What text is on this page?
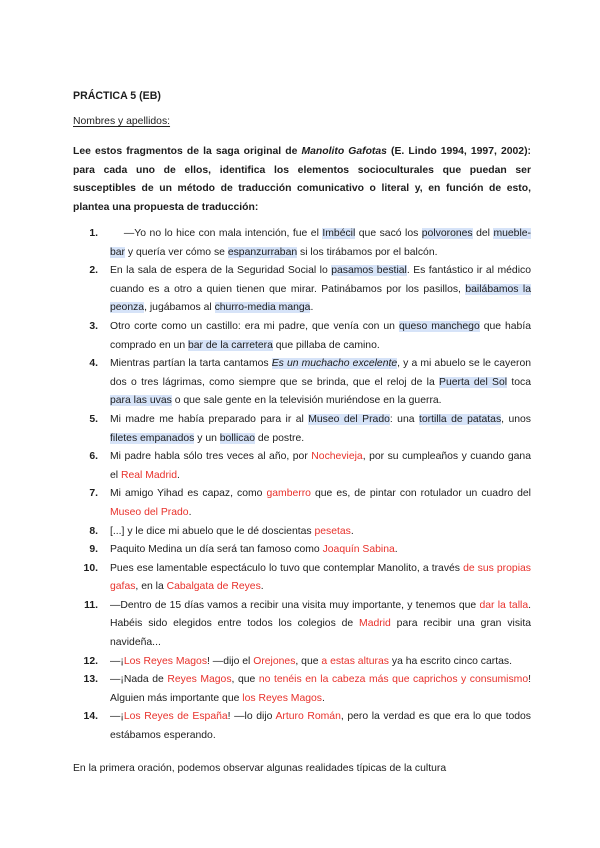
PRÁCTICA 5 (EB)
Nombres y apellidos:
Lee estos fragmentos de la saga original de Manolito Gafotas (E. Lindo 1994, 1997, 2002): para cada uno de ellos, identifica los elementos socioculturales que puedan ser susceptibles de un método de traducción comunicativo o literal y, en función de esto, plantea una propuesta de traducción:
1. —Yo no lo hice con mala intención, fue el Imbécil que sacó los polvorones del mueble-bar y quería ver cómo se espanzurraban si los tirábamos por el balcón.
2. En la sala de espera de la Seguridad Social lo pasamos bestial. Es fantástico ir al médico cuando es a otro a quien tienen que mirar. Patinábamos por los pasillos, bailábamos la peonza, jugábamos al churro-media manga.
3. Otro corte como un castillo: era mi padre, que venía con un queso manchego que había comprado en un bar de la carretera que pillaba de camino.
4. Mientras partían la tarta cantamos Es un muchacho excelente, y a mi abuelo se le cayeron dos o tres lágrimas, como siempre que se brinda, que el reloj de la Puerta del Sol toca para las uvas o que sale gente en la televisión muriéndose en la guerra.
5. Mi madre me había preparado para ir al Museo del Prado: una tortilla de patatas, unos filetes empanados y un bollicao de postre.
6. Mi padre habla sólo tres veces al año, por Nochevieja, por su cumpleaños y cuando gana el Real Madrid.
7. Mi amigo Yihad es capaz, como gamberro que es, de pintar con rotulador un cuadro del Museo del Prado.
8. [...] y le dice mi abuelo que le dé doscientas pesetas.
9. Paquito Medina un día será tan famoso como Joaquín Sabina.
10. Pues ese lamentable espectáculo lo tuvo que contemplar Manolito, a través de sus propias gafas, en la Cabalgata de Reyes.
11. —Dentro de 15 días vamos a recibir una visita muy importante, y tenemos que dar la talla. Habéis sido elegidos entre todos los colegios de Madrid para recibir una gran visita navideña...
12. —¡Los Reyes Magos! —dijo el Orejones, que a estas alturas ya ha escrito cinco cartas.
13. —¡Nada de Reyes Magos, que no tenéis en la cabeza más que caprichos y consumismo! Alguien más importante que los Reyes Magos.
14. —¡Los Reyes de España! —lo dijo Arturo Román, pero la verdad es que era lo que todos estábamos esperando.
En la primera oración, podemos observar algunas realidades típicas de la cultura
